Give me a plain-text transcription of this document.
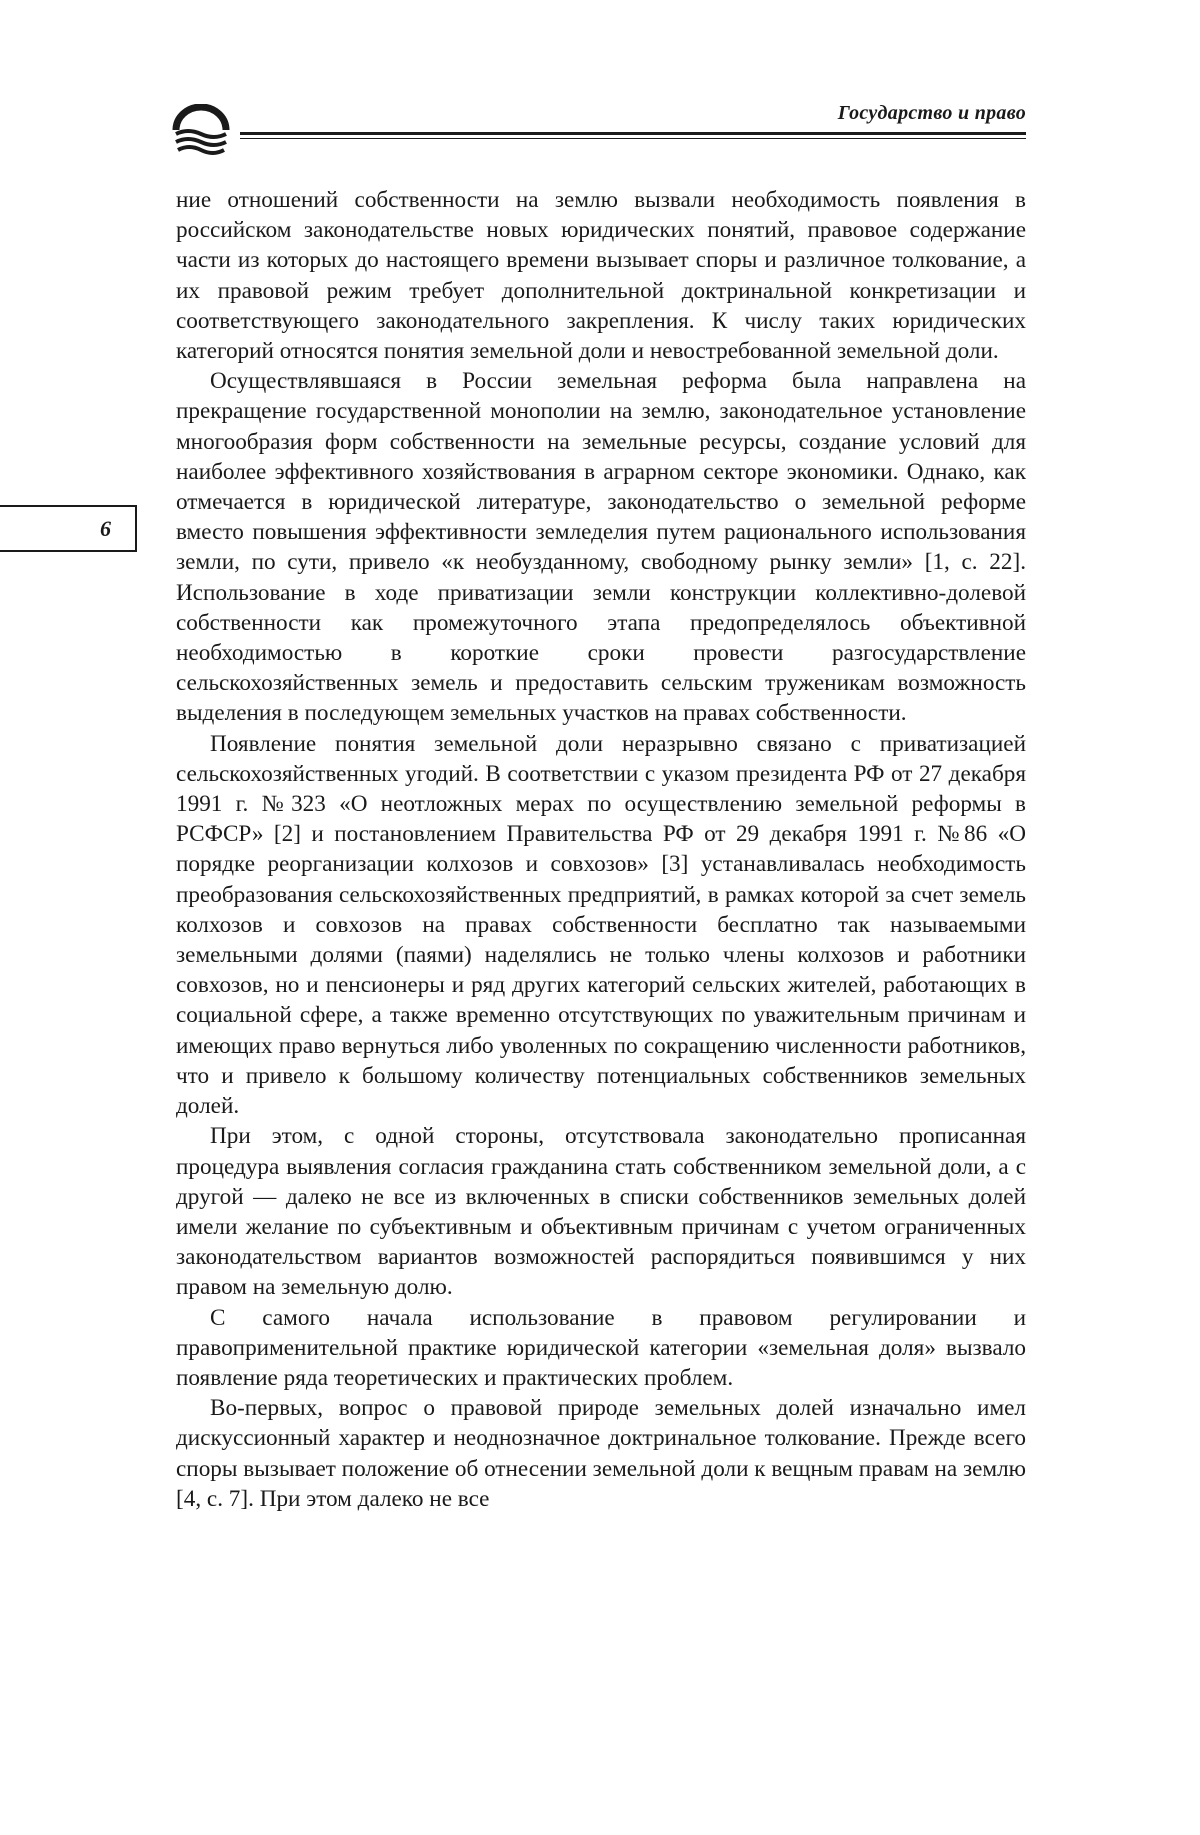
Государство и право
6

ние отношений собственности на землю вызвали необходимость появления в российском законодательстве новых юридических понятий, правовое содержание части из которых до настоящего времени вызывает споры и различное толкование, а их правовой режим требует дополнительной доктринальной конкретизации и соответствующего законодательного закрепления. К числу таких юридических категорий относятся понятия земельной доли и невостребованной земельной доли.

Осуществлявшаяся в России земельная реформа была направлена на прекращение государственной монополии на землю, законодательное установление многообразия форм собственности на земельные ресурсы, создание условий для наиболее эффективного хозяйствования в аграрном секторе экономики. Однако, как отмечается в юридической литературе, законодательство о земельной реформе вместо повышения эффективности земледелия путем рационального использования земли, по сути, привело «к необузданному, свободному рынку земли» [1, с. 22]. Использование в ходе приватизации земли конструкции коллективно-долевой собственности как промежуточного этапа предопределялось объективной необходимостью в короткие сроки провести разгосударствление сельскохозяйственных земель и предоставить сельским труженикам возможность выделения в последующем земельных участков на правах собственности.

Появление понятия земельной доли неразрывно связано с приватизацией сельскохозяйственных угодий. В соответствии с указом президента РФ от 27 декабря 1991 г. №323 «О неотложных мерах по осуществлению земельной реформы в РСФСР» [2] и постановлением Правительства РФ от 29 декабря 1991 г. №86 «О порядке реорганизации колхозов и совхозов» [3] устанавливалась необходимость преобразования сельскохозяйственных предприятий, в рамках которой за счет земель колхозов и совхозов на правах собственности бесплатно так называемыми земельными долями (паями) наделялись не только члены колхозов и работники совхозов, но и пенсионеры и ряд других категорий сельских жителей, работающих в социальной сфере, а также временно отсутствующих по уважительным причинам и имеющих право вернуться либо уволенных по сокращению численности работников, что и привело к большому количеству потенциальных собственников земельных долей.

При этом, с одной стороны, отсутствовала законодательно прописанная процедура выявления согласия гражданина стать собственником земельной доли, а с другой — далеко не все из включенных в списки собственников земельных долей имели желание по субъективным и объективным причинам с учетом ограниченных законодательством вариантов возможностей распорядиться появившимся у них правом на земельную долю.

С самого начала использование в правовом регулировании и правоприменительной практике юридической категории «земельная доля» вызвало появление ряда теоретических и практических проблем.

Во-первых, вопрос о правовой природе земельных долей изначально имел дискуссионный характер и неоднозначное доктринальное толкование. Прежде всего споры вызывает положение об отнесении земельной доли к вещным правам на землю [4, с. 7]. При этом далеко не все
